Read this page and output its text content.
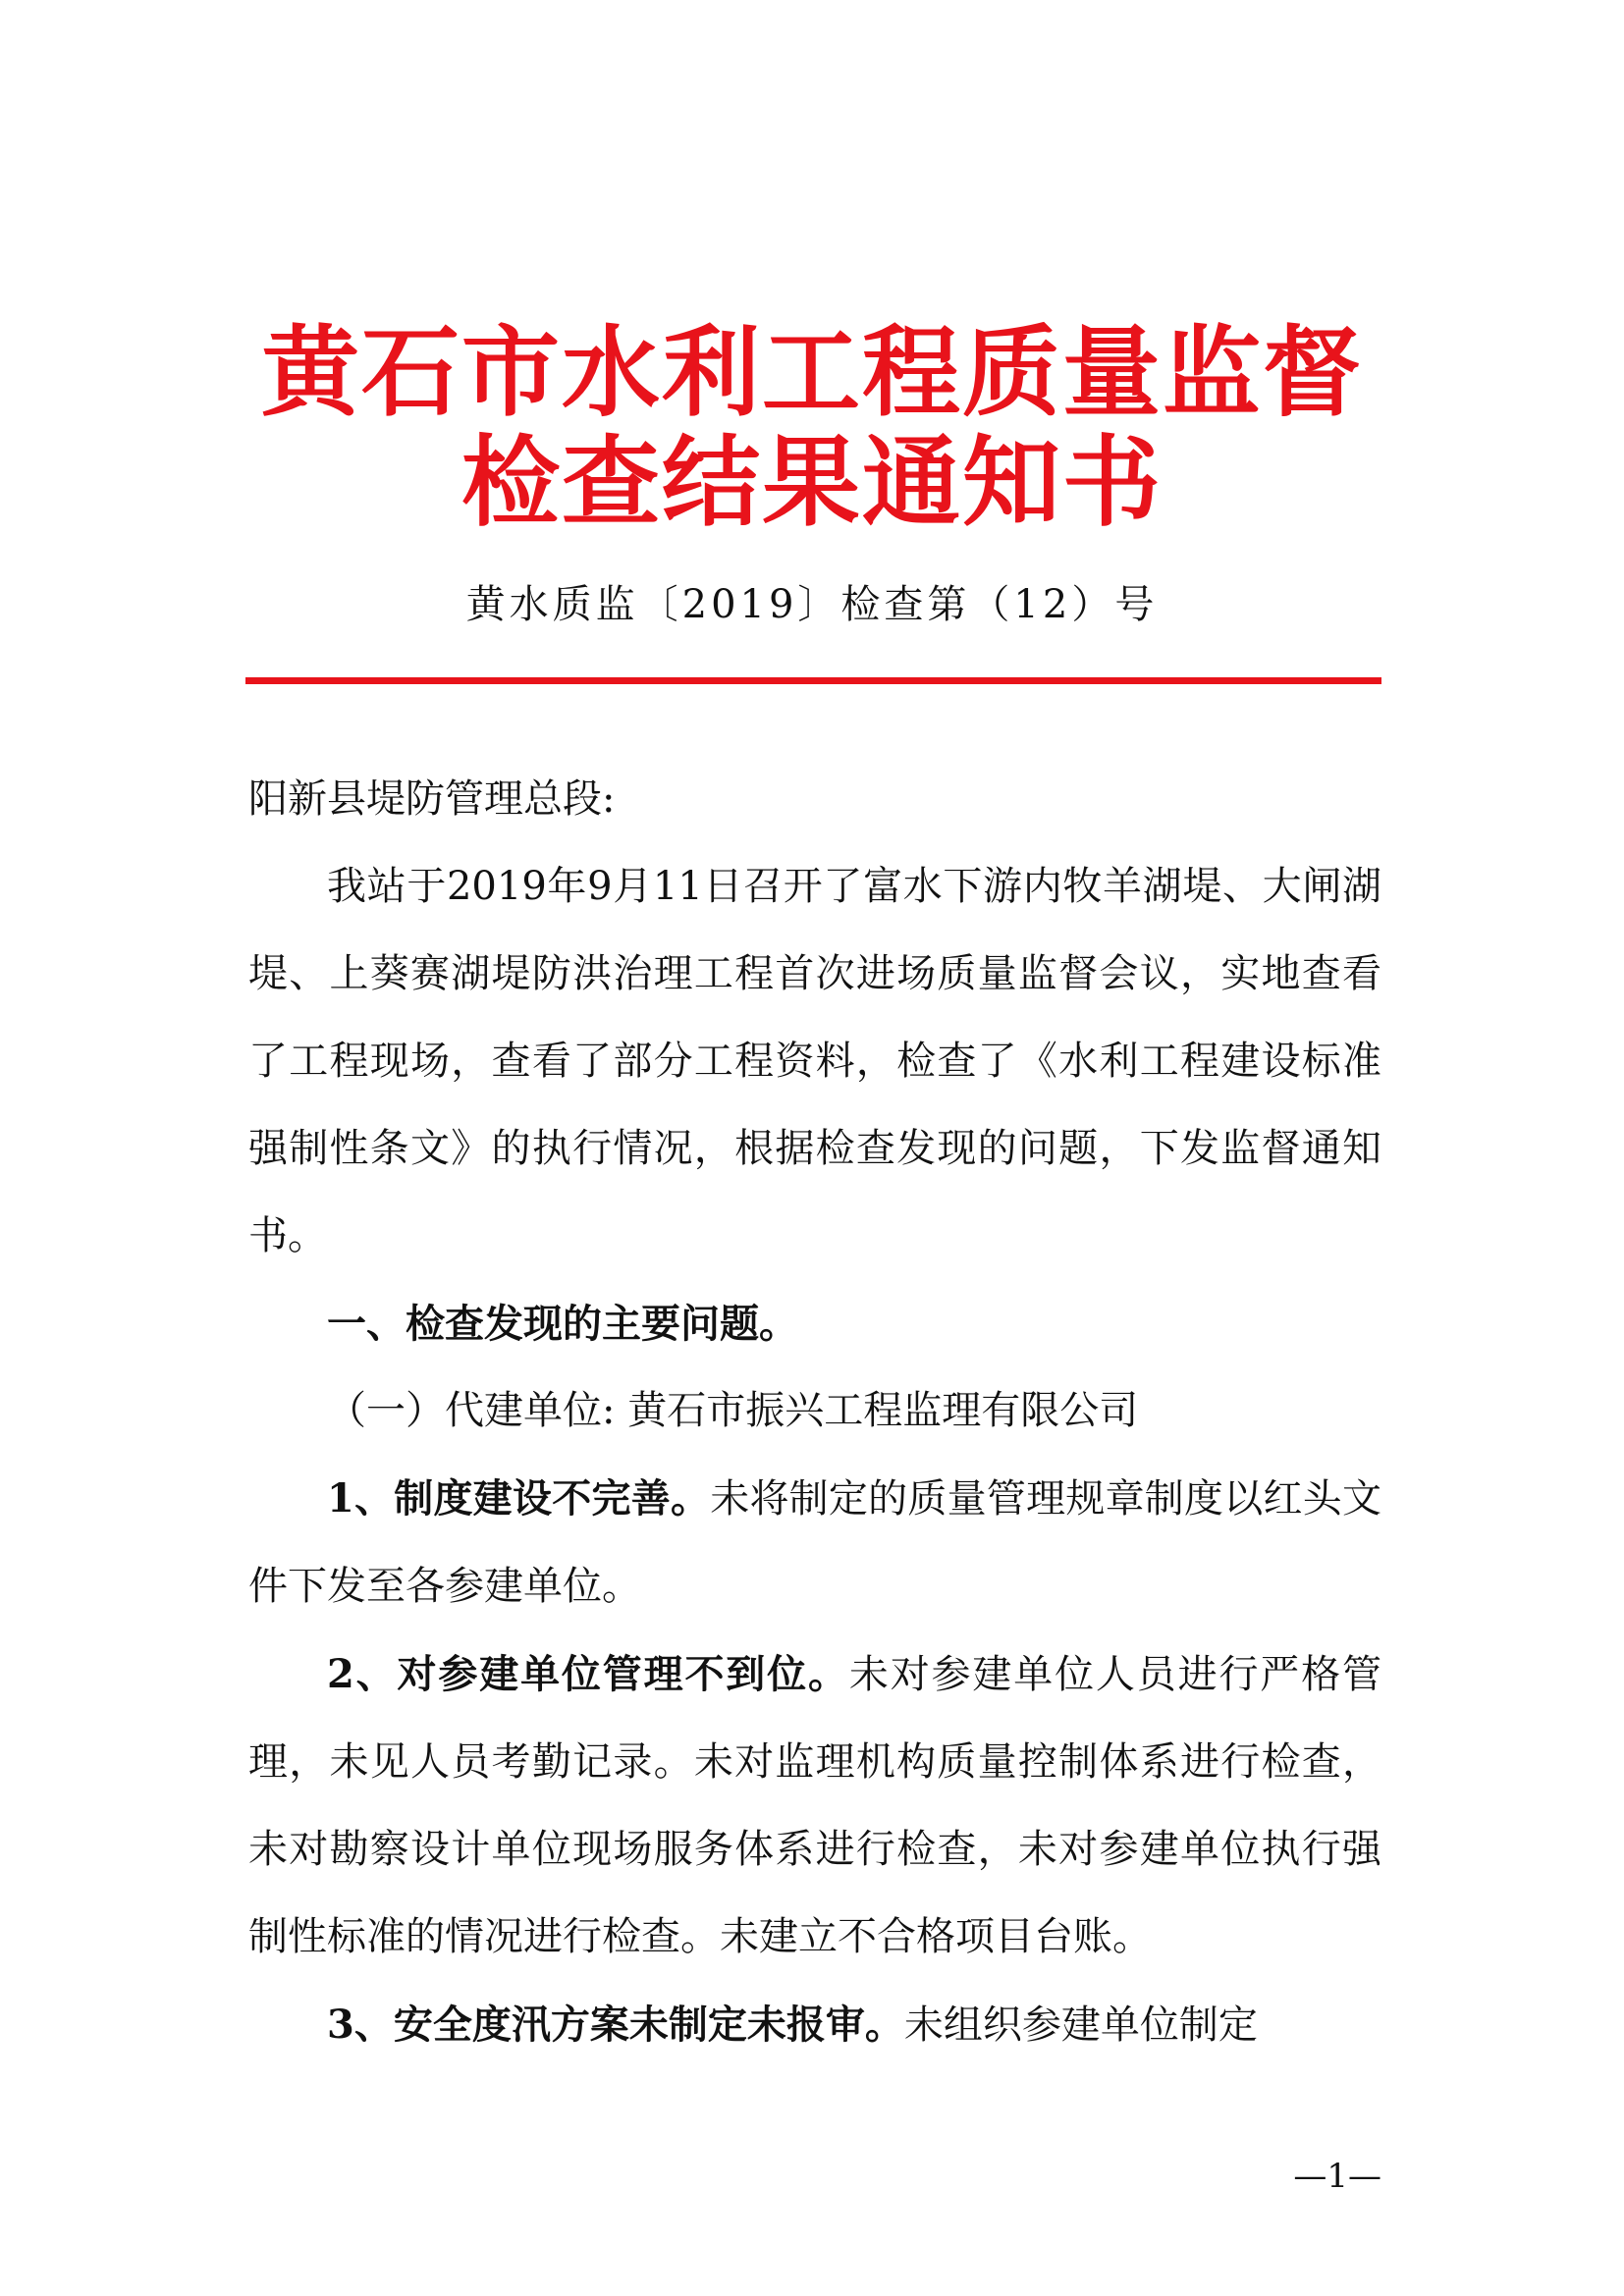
黄石市水利工程质量监督
检查结果通知书
黄水质监〔2019〕检查第（12）号

阳新县堤防管理总段:

我站于2019年9月11日召开了富水下游内牧羊湖堤、大闸湖堤、上葵赛湖堤防洪治理工程首次进场质量监督会议，实地查看了工程现场，查看了部分工程资料，检查了《水利工程建设标准强制性条文》的执行情况，根据检查发现的问题，下发监督通知书。

一、检查发现的主要问题。

（一）代建单位: 黄石市振兴工程监理有限公司

1、制度建设不完善。未将制定的质量管理规章制度以红头文件下发至各参建单位。

2、对参建单位管理不到位。未对参建单位人员进行严格管理，未见人员考勤记录。未对监理机构质量控制体系进行检查，未对勘察设计单位现场服务体系进行检查，未对参建单位执行强制性标准的情况进行检查。未建立不合格项目台账。

3、安全度汛方案未制定未报审。未组织参建单位制定

—1—
